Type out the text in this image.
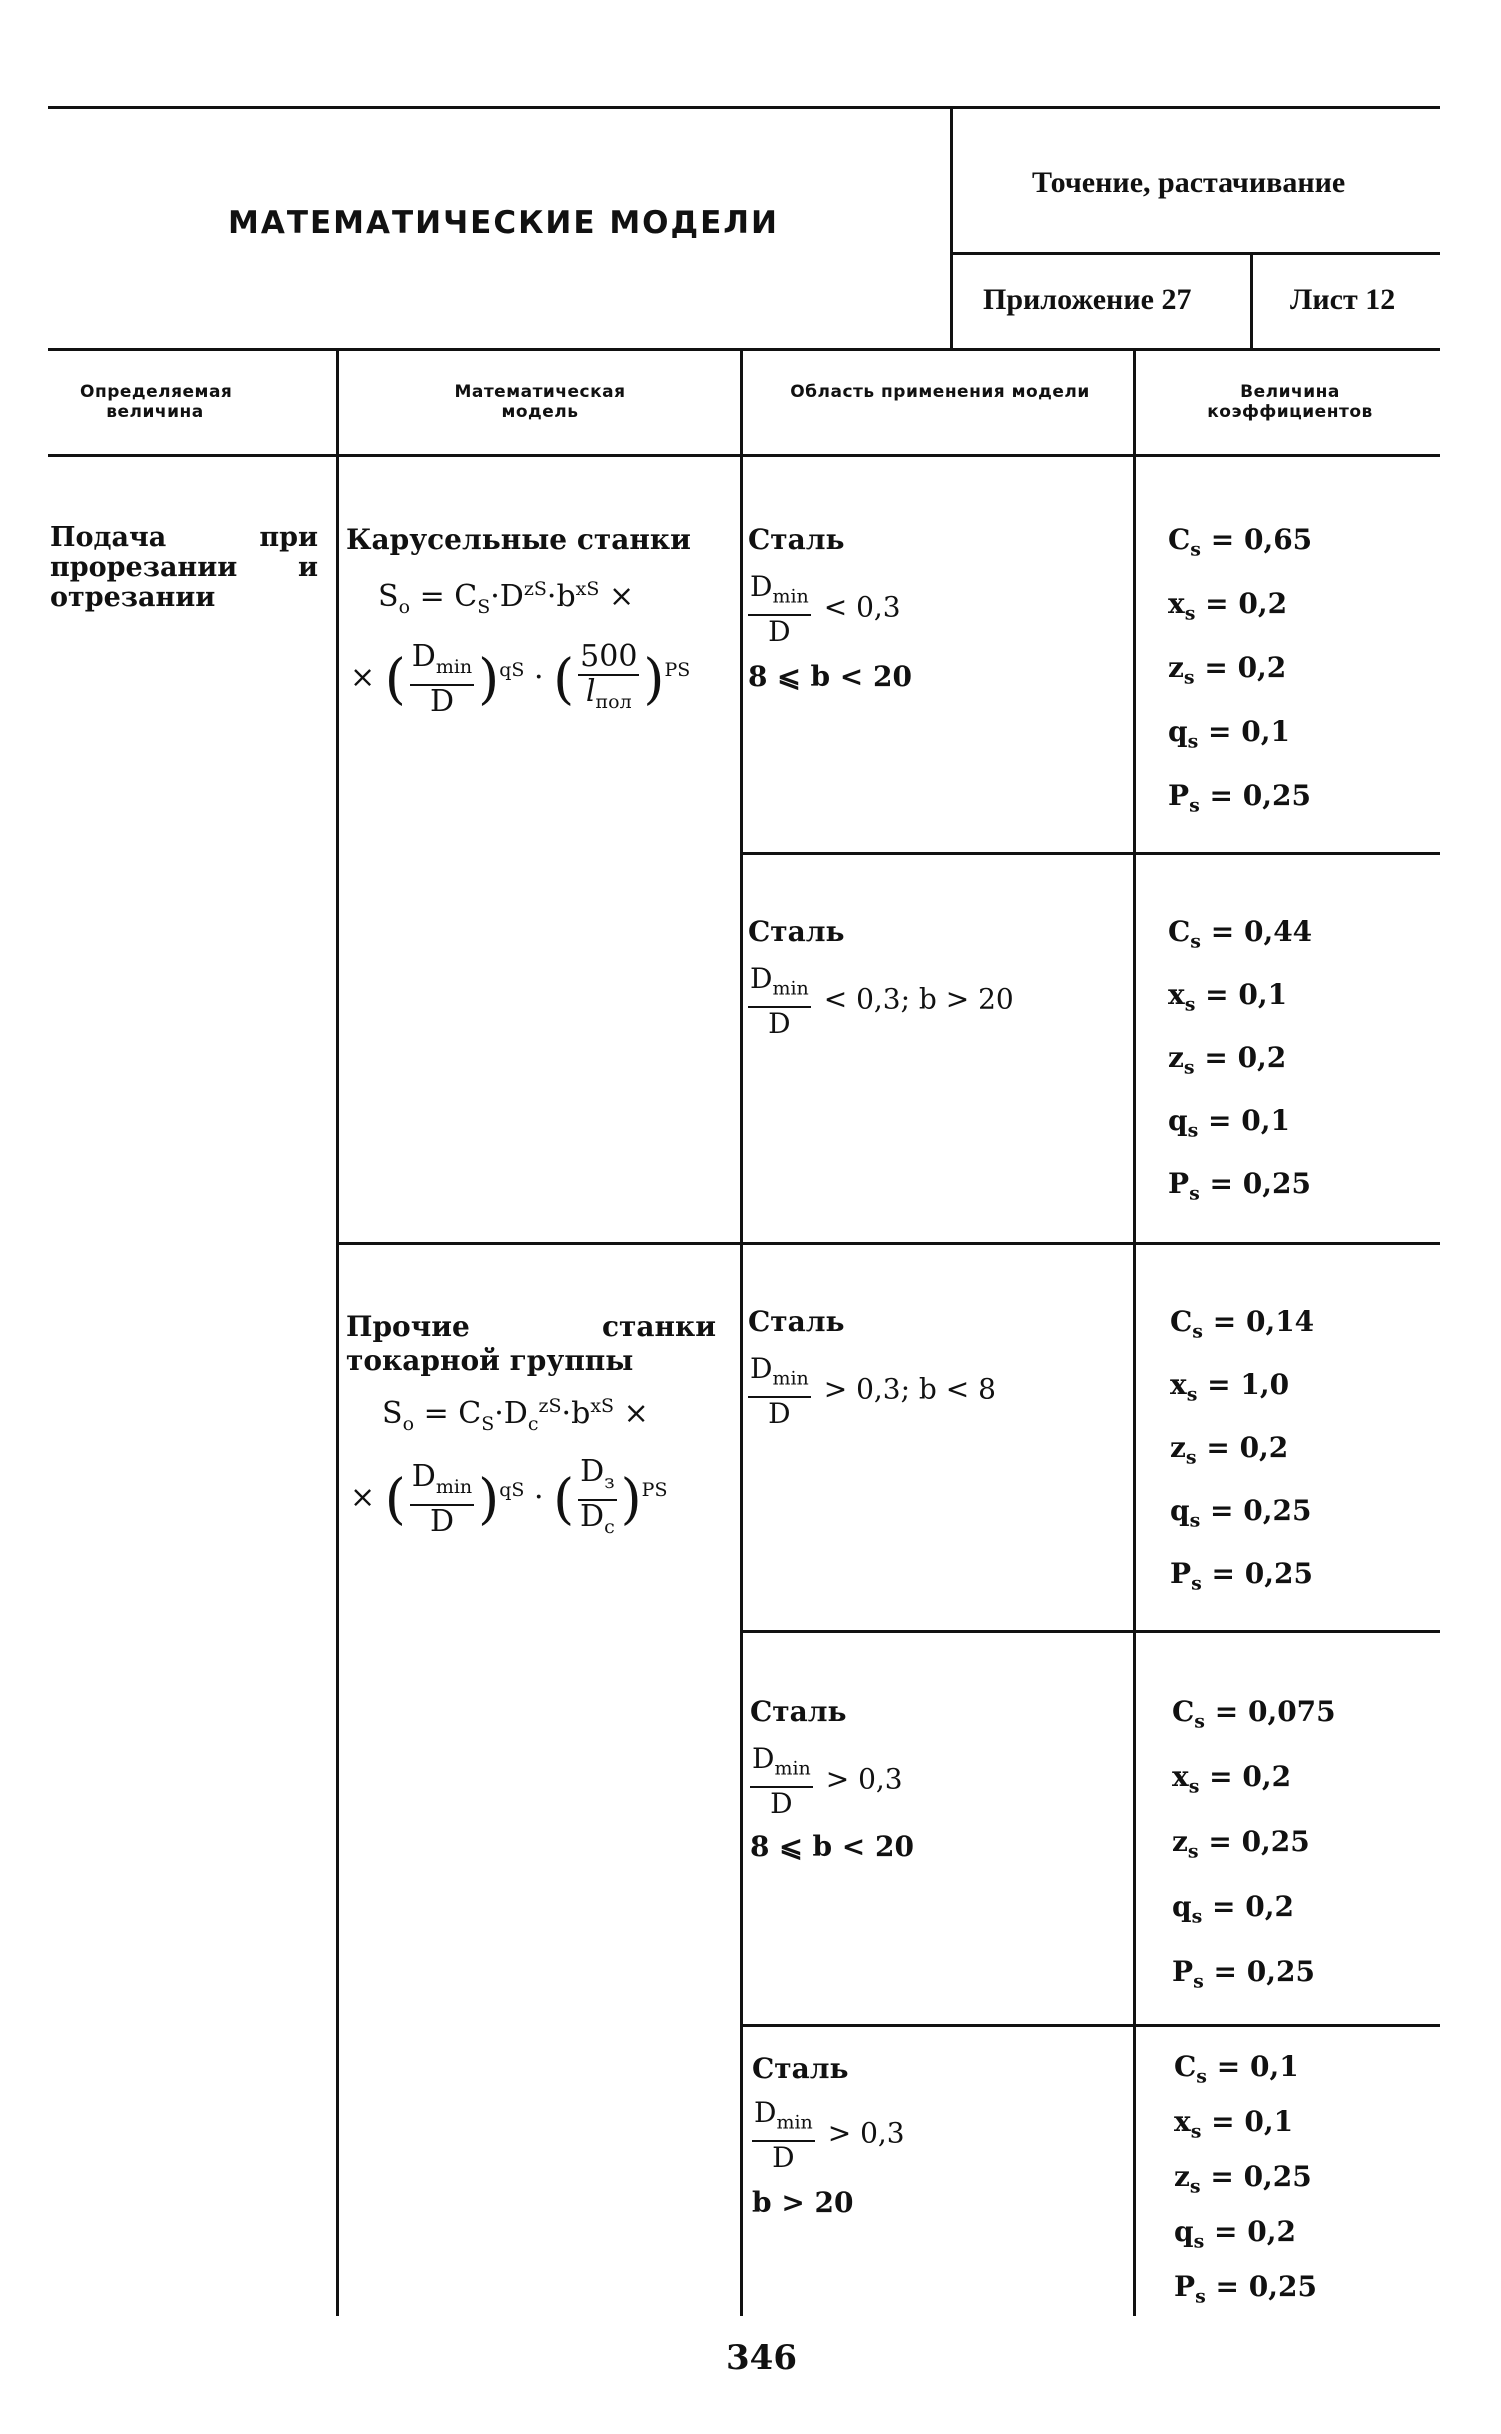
МАТЕМАТИЧЕСКИЕ МОДЕЛИ
Точение, растачивание
Приложение 27	Лист 12
Определяемая величина
Математическая модель
Область применения модели	Величина коэффициентов
Подача при прорезании и отрезании
Карусельные станки
$S_o = C_S\cdot D^{zS}\cdot b^{xS}$ ×
× ( $\frac{D_{min}}{D} )^{qS}$ · ( $\frac{500}{l_{пол}} )^{PS}$
Прочие станки токарной группы
$S_o = C_S\cdot D_c^{zS}\cdot b^{xS}$ ×
× ( $\frac{D_{min}}{D} )^{qS}$ · ( $\frac{D_з}{D_c} )^{PS}$
Сталь
$\frac{D_{min}}{D} < 0,3$
8 ⩽ b < 20
Сталь
$\frac{D_{min}}{D} < 0,3$; b > 20
Сталь
$\frac{D_{min}}{D} > 0,3$; b < 8
Сталь
$\frac{D_{min}}{D} > 0,3$
8 ⩽ b < 20
Сталь
$\frac{D_{min}}{D} > 0,3$
b > 20
$C_s = 0,65$
$x_s = 0,2$
$z_s = 0,2$
$q_s = 0,1$
$P_s = 0,25$
$C_s = 0,44$
$x_s = 0,1$
$z_s = 0,2$
$q_s = 0,1$
$P_s = 0,25$
$C_s = 0,14$
$x_s = 1,0$
$z_s = 0,2$
$q_s = 0,25$
$P_s = 0,25$
$C_s = 0,075$
$x_s = 0,2$
$z_s = 0,25$
$q_s = 0,2$
$P_s = 0,25$
$C_s = 0,1$
$x_s = 0,1$
$z_s = 0,25$
$q_s = 0,2$
$P_s = 0,25$
346
